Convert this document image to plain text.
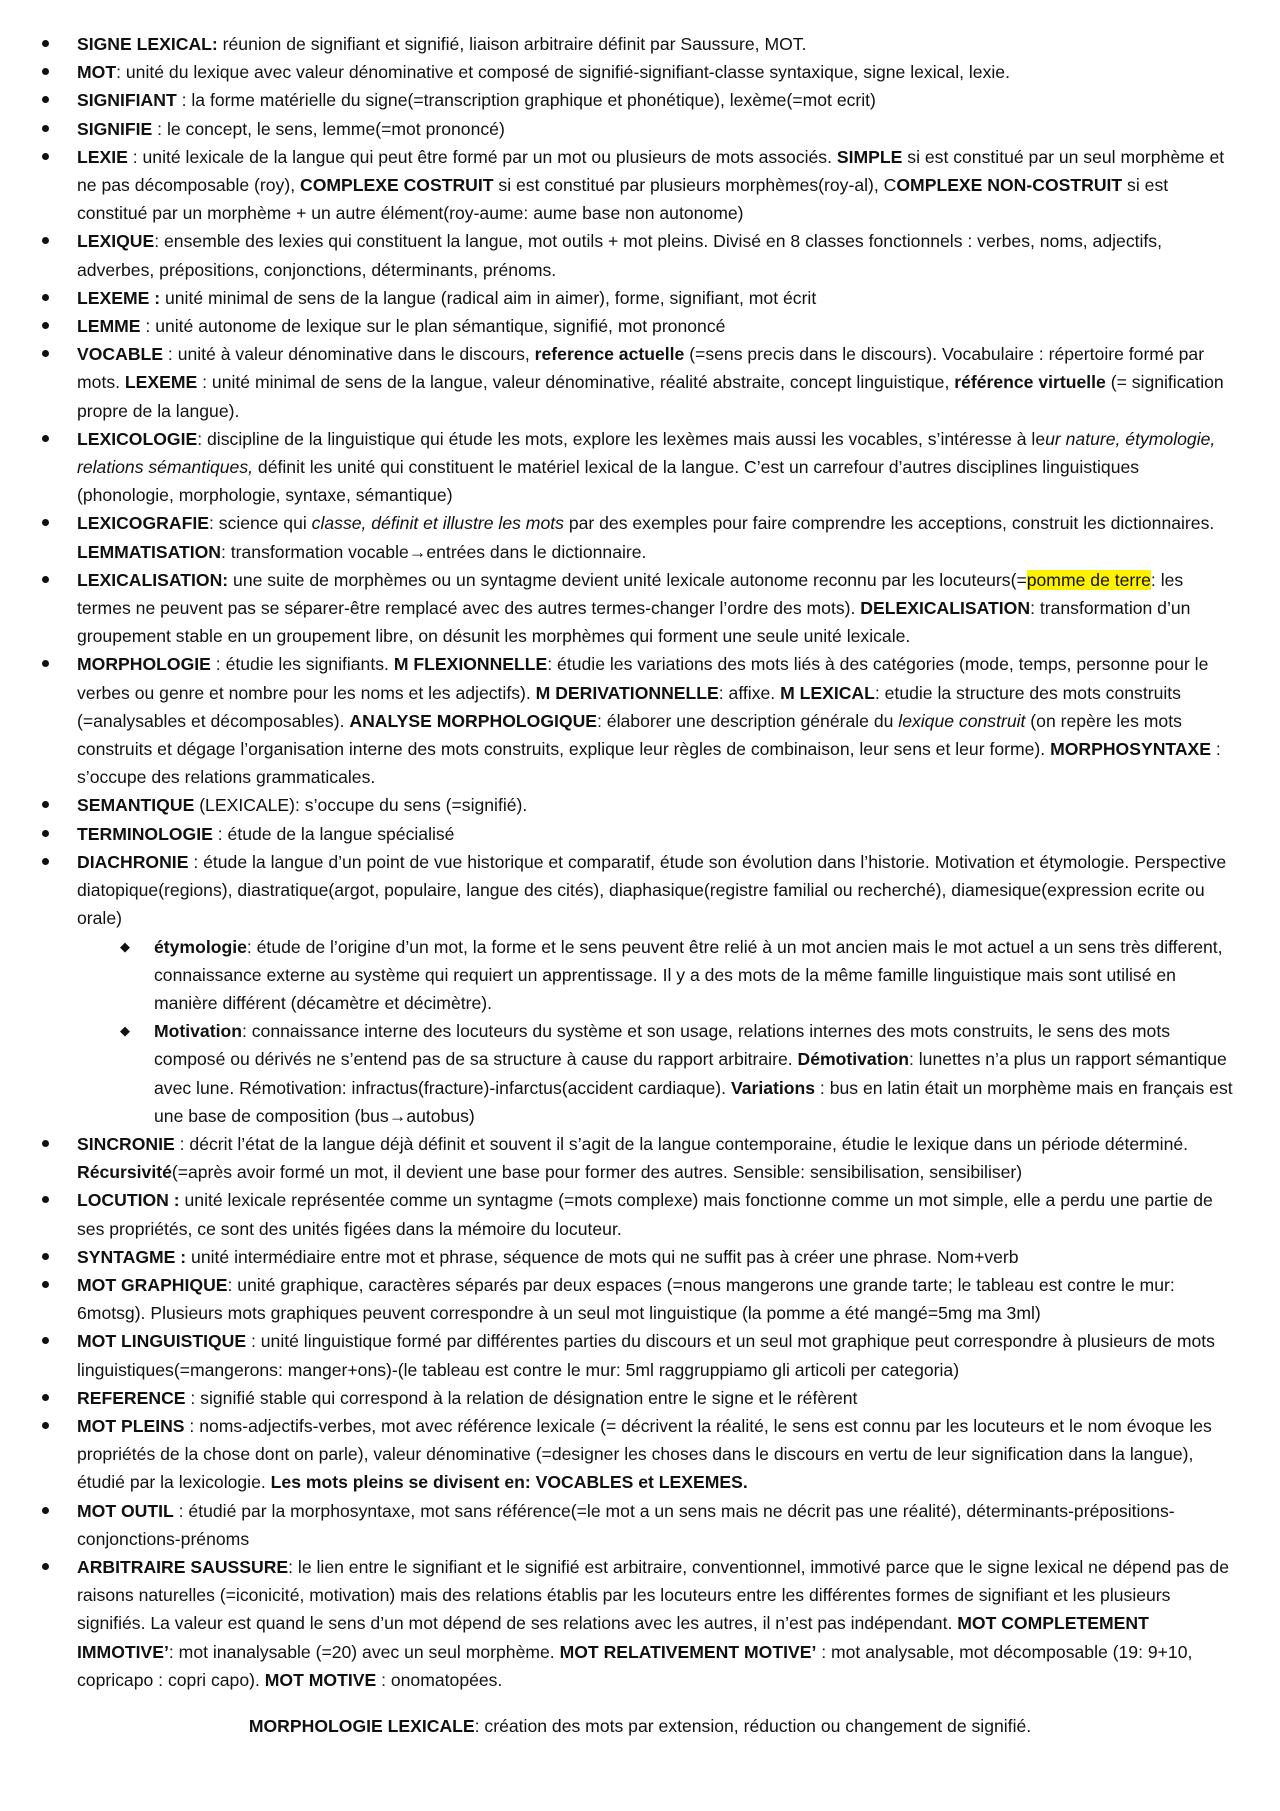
SIGNE LEXICAL: réunion de signifiant et signifié, liaison arbitraire définit par Saussure, MOT.
MOT: unité du lexique avec valeur dénominative et composé de signifié-signifiant-classe syntaxique, signe lexical, lexie.
SIGNIFIANT : la forme matérielle du signe(=transcription graphique et phonétique), lexème(=mot ecrit)
SIGNIFIE : le concept, le sens, lemme(=mot prononcé)
LEXIE : unité lexicale de la langue qui peut être formé par un mot ou plusieurs de mots associés. SIMPLE si est constitué par un seul morphème et ne pas décomposable (roy), COMPLEXE COSTRUIT si est constitué par plusieurs morphèmes(roy-al), COMPLEXE NON-COSTRUIT si est constitué par un morphème + un autre élément(roy-aume: aume base non autonome)
LEXIQUE: ensemble des lexies qui constituent la langue, mot outils + mot pleins. Divisé en 8 classes fonctionnels : verbes, noms, adjectifs, adverbes, prépositions, conjonctions, déterminants, prénoms.
LEXEME : unité minimal de sens de la langue (radical aim in aimer), forme, signifiant, mot écrit
LEMME : unité autonome de lexique sur le plan sémantique, signifié, mot prononcé
VOCABLE : unité à valeur dénominative dans le discours, reference actuelle (=sens precis dans le discours). Vocabulaire : répertoire formé par mots. LEXEME : unité minimal de sens de la langue, valeur dénominative, réalité abstraite, concept linguistique, référence virtuelle (= signification propre de la langue).
LEXICOLOGIE: discipline de la linguistique qui étude les mots, explore les lexèmes mais aussi les vocables, s’intéresse à leur nature, étymologie, relations sémantiques, définit les unité qui constituent le matériel lexical de la langue. C’est un carrefour d’autres disciplines linguistiques (phonologie, morphologie, syntaxe, sémantique)
LEXICOGRAFIE: science qui classe, définit et illustre les mots par des exemples pour faire comprendre les acceptions, construit les dictionnaires. LEMMATISATION: transformation vocable→entrées dans le dictionnaire.
LEXICALISATION: une suite de morphèmes ou un syntagme devient unité lexicale autonome reconnu par les locuteurs(=pomme de terre: les termes ne peuvent pas se séparer-être remplacé avec des autres termes-changer l’ordre des mots). DELEXICALISATION: transformation d’un groupement stable en un groupement libre, on désunit les morphèmes qui forment une seule unité lexicale.
MORPHOLOGIE : étudie les signifiants. M FLEXIONNELLE: étudie les variations des mots liés à des catégories (mode, temps, personne pour le verbes ou genre et nombre pour les noms et les adjectifs). M DERIVATIONNELLE: affixe. M LEXICAL: etudie la structure des mots construits (=analysables et décomposables). ANALYSE MORPHOLOGIQUE: élaborer une description générale du lexique construit (on repère les mots construits et dégage l’organisation interne des mots construits, explique leur règles de combinaison, leur sens et leur forme). MORPHOSYNTAXE : s’occupe des relations grammaticales.
SEMANTIQUE (LEXICALE): s’occupe du sens (=signifié).
TERMINOLOGIE : étude de la langue spécialisé
DIACHRONIE : étude la langue d’un point de vue historique et comparatif, étude son évolution dans l’historie. Motivation et étymologie. Perspective diatopique(regions), diastratique(argot, populaire, langue des cités), diaphasique(registre familial ou recherché), diamesique(expression ecrite ou orale)
◆ étymologie: étude de l’origine d’un mot, la forme et le sens peuvent être relié à un mot ancien mais le mot actuel a un sens très different, connaissance externe au système qui requiert un apprentissage. Il y a des mots de la même famille linguistique mais sont utilisé en manière différent (décamètre et décimètre).
◆ Motivation: connaissance interne des locuteurs du système et son usage, relations internes des mots construits, le sens des mots composé ou dérivés ne s’entend pas de sa structure à cause du rapport arbitraire. Démotivation: lunettes n’a plus un rapport sémantique avec lune. Rémotivation: infractus(fracture)-infarctus(accident cardiaque). Variations : bus en latin était un morphème mais en français est une base de composition (bus→autobus)
SINCRONIE : décrit l’état de la langue déjà définit et souvent il s’agit de la langue contemporaine, étudie le lexique dans un période déterminé. Récursivité(=après avoir formé un mot, il devient une base pour former des autres. Sensible: sensibilisation, sensibiliser)
LOCUTION : unité lexicale représentée comme un syntagme (=mots complexe) mais fonctionne comme un mot simple, elle a perdu une partie de ses propriétés, ce sont des unités figées dans la mémoire du locuteur.
SYNTAGME : unité intermédiaire entre mot et phrase, séquence de mots qui ne suffit pas à créer une phrase. Nom+verb
MOT GRAPHIQUE: unité graphique, caractères séparés par deux espaces (=nous mangerons une grande tarte; le tableau est contre le mur: 6motsg). Plusieurs mots graphiques peuvent correspondre à un seul mot linguistique (la pomme a été mangé=5mg ma 3ml)
MOT LINGUISTIQUE : unité linguistique formé par différentes parties du discours et un seul mot graphique peut correspondre à plusieurs de mots linguistiques(=mangerons: manger+ons)-(le tableau est contre le mur: 5ml raggruppiamo gli articoli per categoria)
REFERENCE : signifié stable qui correspond à la relation de désignation entre le signe et le réfèrent
MOT PLEINS : noms-adjectifs-verbes, mot avec référence lexicale (= décrivent la réalité, le sens est connu par les locuteurs et le nom évoque les propriétés de la chose dont on parle), valeur dénominative (=designer les choses dans le discours en vertu de leur signification dans la langue), étudié par la lexicologie. Les mots pleins se divisent en: VOCABLES et LEXEMES.
MOT OUTIL : étudié par la morphosyntaxe, mot sans référence(=le mot a un sens mais ne décrit pas une réalité), déterminants-prépositions-conjonctions-prénoms
ARBITRAIRE SAUSSURE: le lien entre le signifiant et le signifié est arbitraire, conventionnel, immotivé parce que le signe lexical ne dépend pas de raisons naturelles (=iconicité, motivation) mais des relations établis par les locuteurs entre les différentes formes de signifiant et les plusieurs signifiés. La valeur est quand le sens d’un mot dépend de ses relations avec les autres, il n’est pas indépendant. MOT COMPLETEMENT IMMOTIVE’: mot inanalysable (=20) avec un seul morphème. MOT RELATIVEMENT MOTIVE’ : mot analysable, mot décomposable (19: 9+10, copricapo : copri capo). MOT MOTIVE : onomatopées.
MORPHOLOGIE LEXICALE: création des mots par extension, réduction ou changement de signifié.
